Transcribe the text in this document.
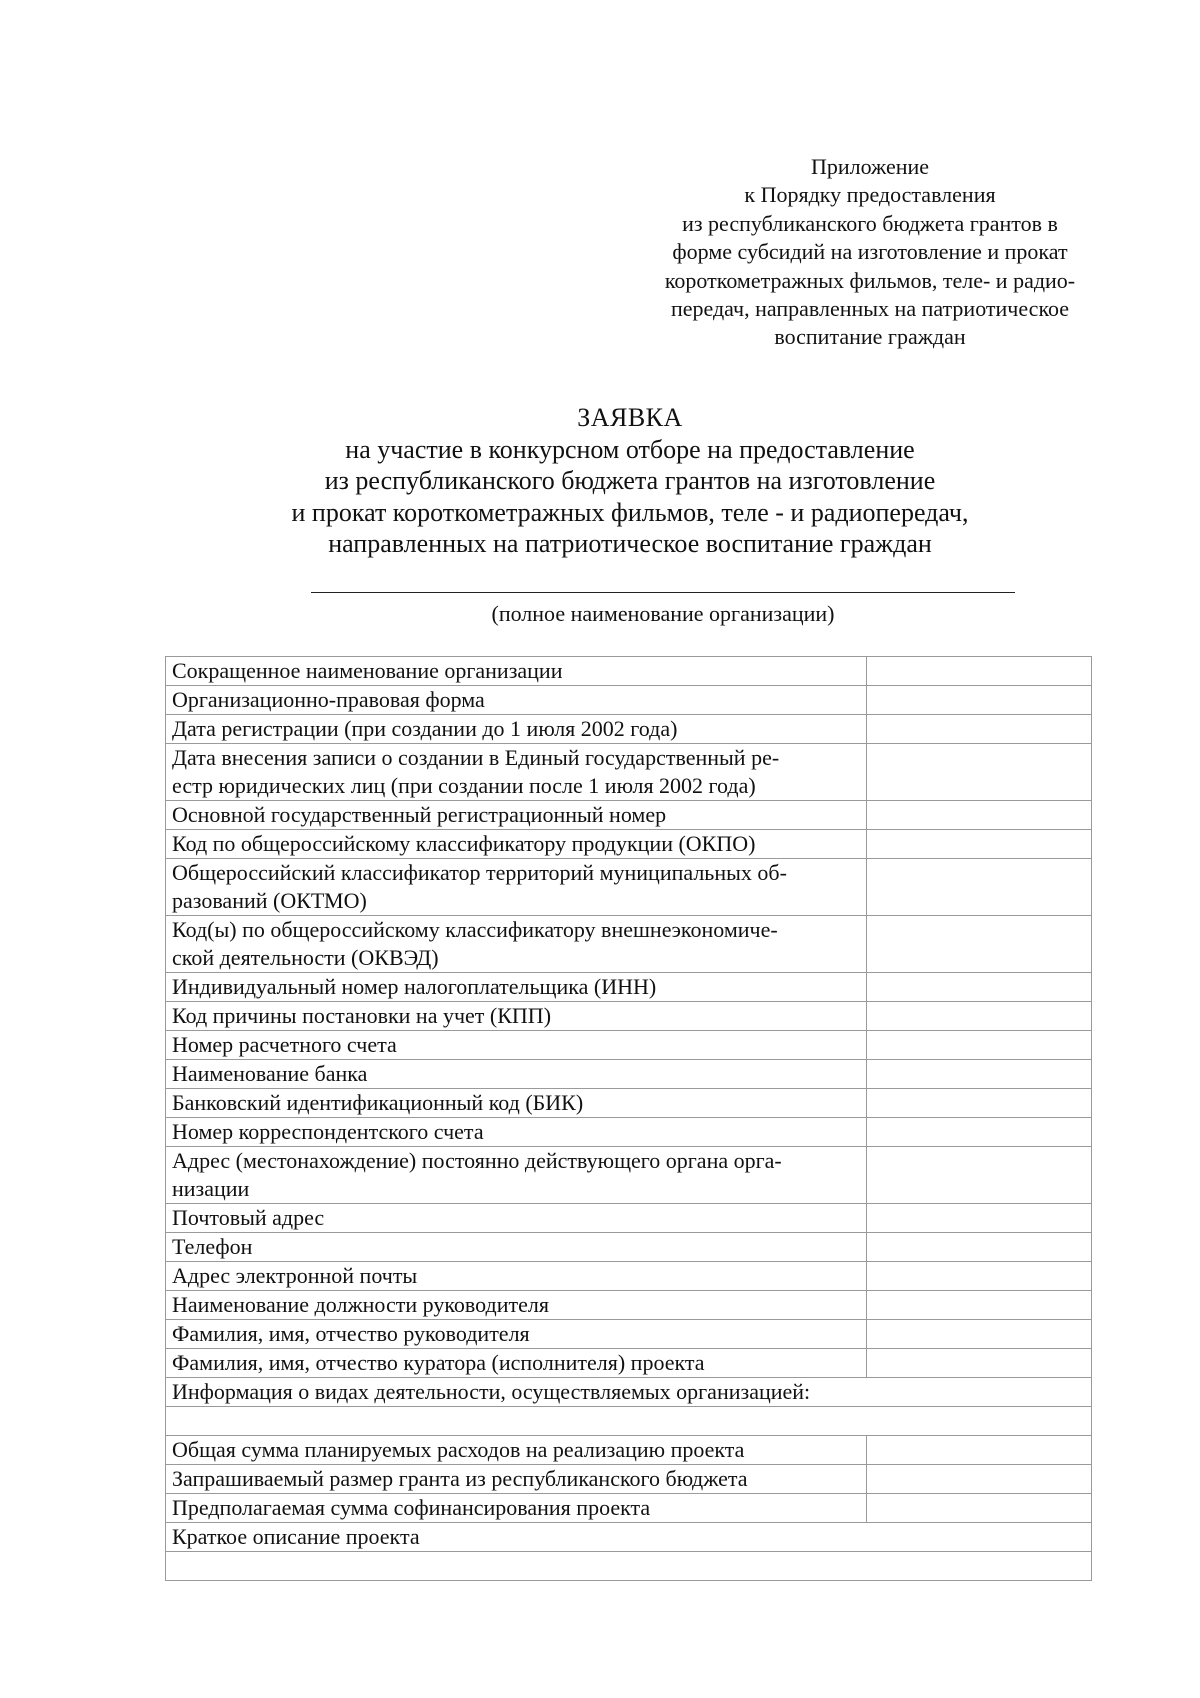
Приложение
к Порядку предоставления
из республиканского бюджета грантов в
форме субсидий на изготовление и прокат
короткометражных фильмов, теле- и радио-
передач, направленных на патриотическое
воспитание граждан
ЗАЯВКА
на участие в конкурсном отборе на предоставление
из республиканского бюджета грантов на изготовление
и прокат короткометражных фильмов, теле - и радиопередач,
направленных на патриотическое воспитание граждан
(полное наименование организации)
Сокращенное наименование организации	

Организационно-правовая форма	

Дата регистрации (при создании до 1 июля 2002 года)	

Дата внесения записи о создании в Единый государственный ре-
естр юридических лиц (при создании после 1 июля 2002 года)	

Основной государственный регистрационный номер	

Код по общероссийскому классификатору продукции (ОКПО)	

Общероссийский классификатор территорий муниципальных об-
разований (ОКТМО)	

Код(ы) по общероссийскому классификатору внешнеэкономиче-
ской деятельности (ОКВЭД)	

Индивидуальный номер налогоплательщика (ИНН)	

Код причины постановки на учет (КПП)	

Номер расчетного счета	

Наименование банка	

Банковский идентификационный код (БИК)	

Номер корреспондентского счета	

Адрес (местонахождение) постоянно действующего органа орга-
низации	

Почтовый адрес	

Телефон	

Адрес электронной почты	

Наименование должности руководителя	

Фамилия, имя, отчество руководителя	

Фамилия, имя, отчество куратора (исполнителя) проекта	

Информация о видах деятельности, осуществляемых организацией:	

Общая сумма планируемых расходов на реализацию проекта	

Запрашиваемый размер гранта из республиканского бюджета	

Предполагаемая сумма софинансирования проекта	

Краткое описание проекта	
